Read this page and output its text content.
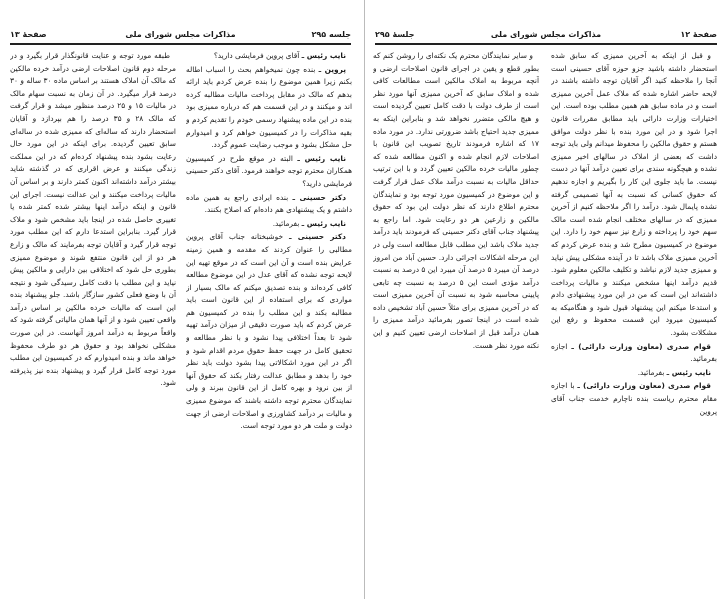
جلسه ۲۹۵
مذاکرات مجلس شورای ملی
صفحهٔ ۱۳

نایب رئیس ـ آقای پروین فرمایشی دارید؟

پروین ـ بنده چون نمیخواهم بحث را اسباب اطاله بکنم زیرا همین موضوع را بنده عرض کردم باید ارائه بدهم که مالک در مقابل پرداخت مالیات مطالبه کرده اند و میکنند و در این قسمت هم که درباره ممیزی بود بنده در این ماده پیشنهاد رسمی خودم را تقدیم کردم و بقیه مذاکرات را در کمیسیون خواهم کرد و امیدوارم حل مشکل بشود و موجب رضایت عموم گردد.

نایب رئیس ـ البته در موقع طرح در کمیسیون همکاران محترم توجه خواهند فرمود. آقای دکتر حسینی فرمایشی دارید؟

دکتر حسینی ـ بنده ایرادی راجع به همین ماده داشتم و یک پیشنهادی هم داده‌ام که اصلاح بکنند.

نایب رئیس ـ بفرمائید.

دکتر حسینی ـ خوشبختانه جناب آقای پروین مطالبی را عنوان کردند که مقدمه و همین زمینه عرایض بنده است و آن این است که در موقع تهیه این لایحه توجه نشده که آقای عدل در این موضوع مطالعه کافی کرده‌اند و بنده تصدیق میکنم که مالک بسیار از مواردی که برای استفاده از این قانون است باید مطالبه بکند و این مطلب را بنده در کمیسیون هم عرض کردم که باید صورت دقیقی از میزان درآمد تهیه شود تا بعداً اختلافی پیدا نشود و با نظر مطالعه و تحقیق کامل در جهت حفظ حقوق مردم اقدام شود و اگر در این مورد اشکالاتی پیدا بشود دولت باید نظر خود را بدهد و مطابق عدالت رفتار بکند که حقوق آنها از بین نرود و بهره کامل از این قانون ببرند و ولی نمایندگان محترم توجه داشته باشند که موضوع ممیزی و مالیات بر درآمد کشاورزی و اصلاحات ارضی از جهت دولت و ملت هر دو مورد توجه است.

طبقه مورد توجه و عنایت قانونگذار قرار بگیرد و در مرحله دوم قانون اصلاحات ارضی درآمد خرده مالکین که مالک آن املاک هستند بر اساس ماده ۳۰ ساله و ۳۰ درصد قرار میگیرد. در آن زمان به نسبت سهام مالک در مالیات ۱۵ و ۲۵ درصد منظور میشد و قرار گرفت که مالک ۲۸ و ۳۵ درصد را هم بپردازد و آقایان استحضار دارند که ساله‌ای که ممیزی شده در ساله‌ای سابق تعیین گردیده. برای اینکه در این مورد حال رعایت بشود بنده پیشنهاد کرده‌ام که در این مملکت زندگی میکنند و عرض اقراری که در گذشته شاید بیشتر درآمد داشته‌اند اکنون کمتر دارند و بر اساس آن مالیات پرداخت میکنند و این عدالت نیست. اجرای این قانون و اینکه درآمد اینها بیشتر شده کمتر شده یا تغییری حاصل شده در اینجا باید مشخص شود و ملاک قرار گیرد. بنابراین استدعا دارم که این مطلب مورد توجه قرار گیرد و آقایان توجه بفرمایند که مالک و زارع هر دو از این قانون منتفع شوند و موضوع ممیزی بطوری حل شود که اختلافی بین دارایی و مالکین پیش نیاید و این مطلب با دقت کامل رسیدگی شود و نتیجه آن با وضع فعلی کشور سازگار باشد. جلو پیشنهاد بنده این است که مالیات خرده مالکین بر اساس درآمد واقعی تعیین شود و از آنها همان مالیاتی گرفته شود که واقعاً مربوط به درآمد امروز آنهاست. در این صورت مشکلی نخواهد بود و حقوق هر دو طرف محفوظ خواهد ماند و بنده امیدوارم که در کمیسیون این مطلب مورد توجه کامل قرار گیرد و پیشنهاد بنده نیز پذیرفته شود.

صفحهٔ ۱۲
مذاکرات مجلس شورای ملی
جلسهٔ ۲۹۵

و قبل از اینکه به آخرین ممیزی که سابق شده استحضار داشته باشید جزو حوزه آقای حسینی است آنجا را ملاحظه کنید اگر آقایان توجه داشته باشند در لایحه حاضر اشاره شده که ملاک عمل آخرین ممیزی است و در ماده سابق هم همین مطلب بوده است. این اختیارات وزارت دارائی باید مطابق مقررات قانون اجرا شود و در این مورد بنده با نظر دولت موافق هستم و حقوق مالکین را محفوظ میدانم ولی باید توجه داشت که بعضی از املاک در سالهای اخیر ممیزی نشده و هیچگونه سندی برای تعیین درآمد آنها در دست نیست. ما باید جلوی این کار را بگیریم و اجازه ندهیم که حقوق کسانی که نسبت به آنها تصمیمی گرفته نشده پایمال شود. درآمد را اگر ملاحظه کنیم از آخرین ممیزی که در سالهای مختلف انجام شده است مالک سهم خود را پرداخته و زارع نیز سهم خود را دارد. این موضوع در کمیسیون مطرح شد و بنده عرض کردم که آخرین ممیزی ملاک باشد تا در آینده مشکلی پیش نیاید و ممیزی جدید لازم نباشد و تکلیف مالکین معلوم شود. قدیم درآمد اینها مشخص میکنند و مالیات پرداخت داشته‌اند این است که من در این مورد پیشنهادی دادم و استدعا میکنم این پیشنهاد قبول شود و هنگامیکه به کمیسیون میرود این قسمت محفوظ و رفع این مشکلات بشود.

قوام صدری (معاون وزارت دارائی) ـ اجازه بفرمائید.

نایب رئیس ـ بفرمائید.

قوام صدری (معاون وزارت دارائی) ـ با اجازه مقام محترم ریاست بنده ناچارم خدمت جناب آقای پروین

و سایر نمایندگان محترم یک نکته‌ای را روشن کنم که بطور قطع و یقین در اجرای قانون اصلاحات ارضی و آنچه مربوط به املاک مالکین است مطالعات کافی شده و املاک سابق که آخرین ممیزی آنها مورد نظر است از طرف دولت با دقت کامل تعیین گردیده است و هیچ مالکی متضرر نخواهد شد و بنابراین اینکه به ممیزی جدید احتیاج باشد ضرورتی ندارد. در مورد ماده ۱۷ که اشاره فرمودند تاریخ تصویب این قانون با اصلاحات لازم انجام شده و اکنون مطالعه شده که چطور مالیات خرده مالکین تعیین گردد و با این ترتیب حداقل مالیات به نسبت درآمد ملاک عمل قرار گرفت و این موضوع در کمیسیون مورد توجه بود و نمایندگان محترم اطلاع دارند که نظر دولت این بود که حقوق مالکین و زارعین هر دو رعایت شود. اما راجع به پیشنهاد جناب آقای دکتر حسینی که فرمودند باید درآمد جدید ملاک باشد این مطلب قابل مطالعه است ولی در این مرحله اشکالات اجرائی دارد. حسین آباد من امروز درصد آن میبرد ۵ درصد آن میبرد این ۵ درصد به نسبت درآمد مؤدی است این ۵ درصد به نسبت چه تابعی پایینی محاسبه شود به نسبت آن آخرین ممیزی است که در آخرین ممیزی برای مثلاً حسین آباد تشخیص داده شده است در اینجا تصور بفرمائید درآمد ممیزی را همان درآمد قبل از اصلاحات ارضی تعیین کنیم و این نکته مورد نظر هست.
